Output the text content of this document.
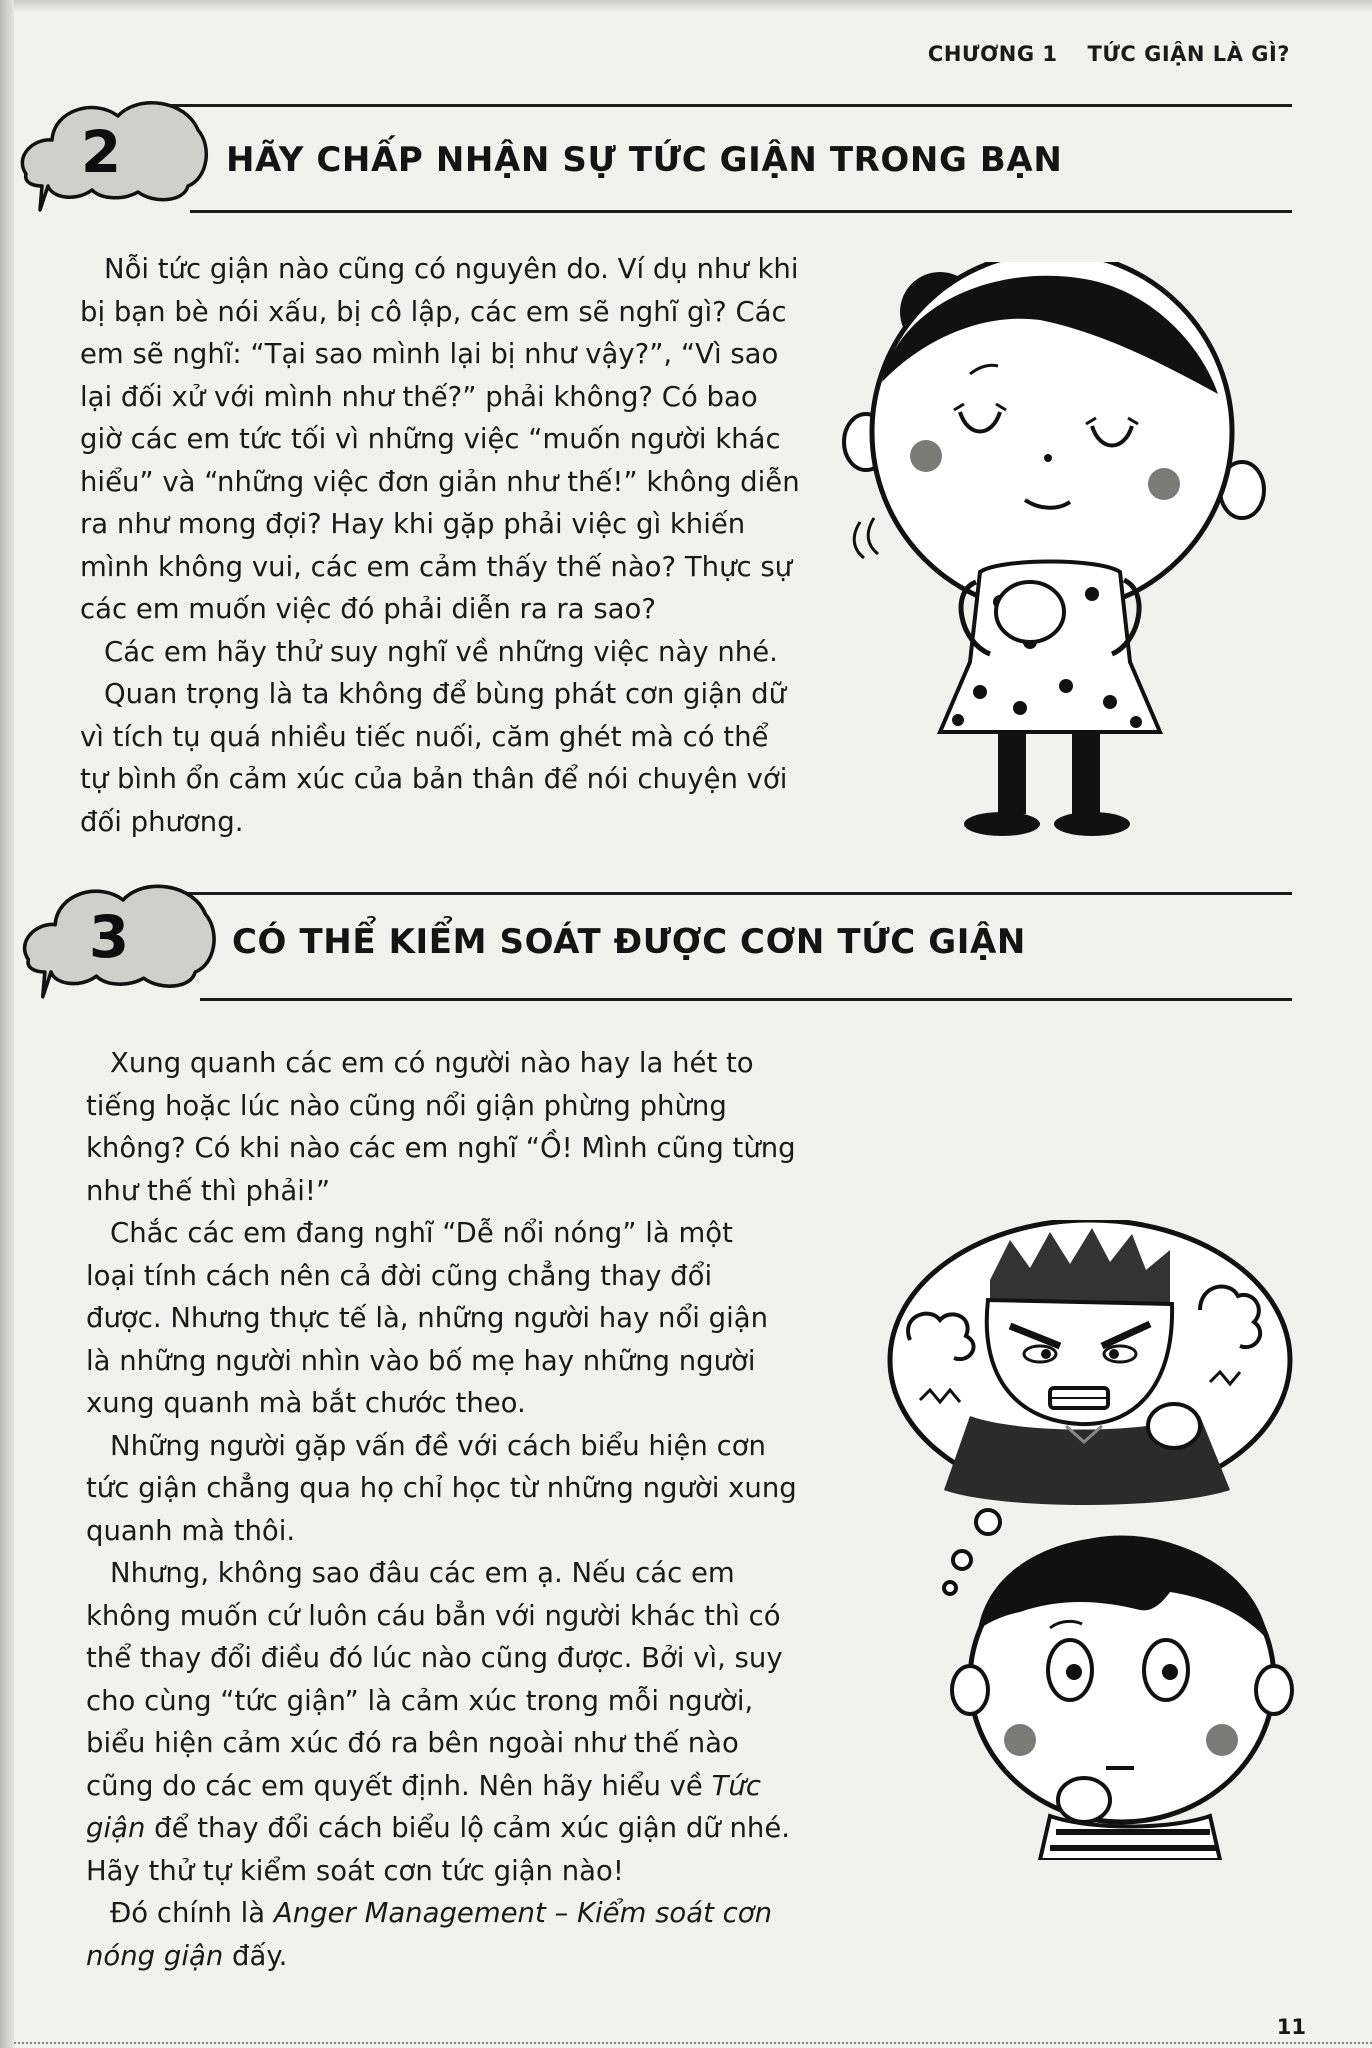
CHƯƠNG 1 TỨC GIẬN LÀ GÌ?
2	HÃY CHẤP NHẬN SỰ TỨC GIẬN TRONG BẠN

Nỗi tức giận nào cũng có nguyên do. Ví dụ như khi

bị bạn bè nói xấu, bị cô lập, các em sẽ nghĩ gì? Các

em sẽ nghĩ: “Tại sao mình lại bị như vậy?”, “Vì sao

lại đối xử với mình như thế?” phải không? Có bao

giờ các em tức tối vì những việc “muốn người khác

hiểu” và “những việc đơn giản như thế!” không diễn

ra như mong đợi? Hay khi gặp phải việc gì khiến

mình không vui, các em cảm thấy thế nào? Thực sự

các em muốn việc đó phải diễn ra ra sao?

Các em hãy thử suy nghĩ về những việc này nhé.

Quan trọng là ta không để bùng phát cơn giận dữ

vì tích tụ quá nhiều tiếc nuối, căm ghét mà có thể

tự bình ổn cảm xúc của bản thân để nói chuyện với

đối phương.

3	CÓ THỂ KIỂM SOÁT ĐƯỢC CƠN TỨC GIẬN

Xung quanh các em có người nào hay la hét to

tiếng hoặc lúc nào cũng nổi giận phừng phừng

không? Có khi nào các em nghĩ “Ồ! Mình cũng từng

như thế thì phải!”

Chắc các em đang nghĩ “Dễ nổi nóng” là một

loại tính cách nên cả đời cũng chẳng thay đổi

được. Nhưng thực tế là, những người hay nổi giận

là những người nhìn vào bố mẹ hay những người

xung quanh mà bắt chước theo.

Những người gặp vấn đề với cách biểu hiện cơn

tức giận chẳng qua họ chỉ học từ những người xung

quanh mà thôi.

Nhưng, không sao đâu các em ạ. Nếu các em

không muốn cứ luôn cáu bẳn với người khác thì có

thể thay đổi điều đó lúc nào cũng được. Bởi vì, suy

cho cùng “tức giận” là cảm xúc trong mỗi người,

biểu hiện cảm xúc đó ra bên ngoài như thế nào

cũng do các em quyết định. Nên hãy hiểu về Tức

giận để thay đổi cách biểu lộ cảm xúc giận dữ nhé.

Hãy thử tự kiểm soát cơn tức giận nào!

Đó chính là Anger Management – Kiểm soát cơn

nóng giận đấy.

11
